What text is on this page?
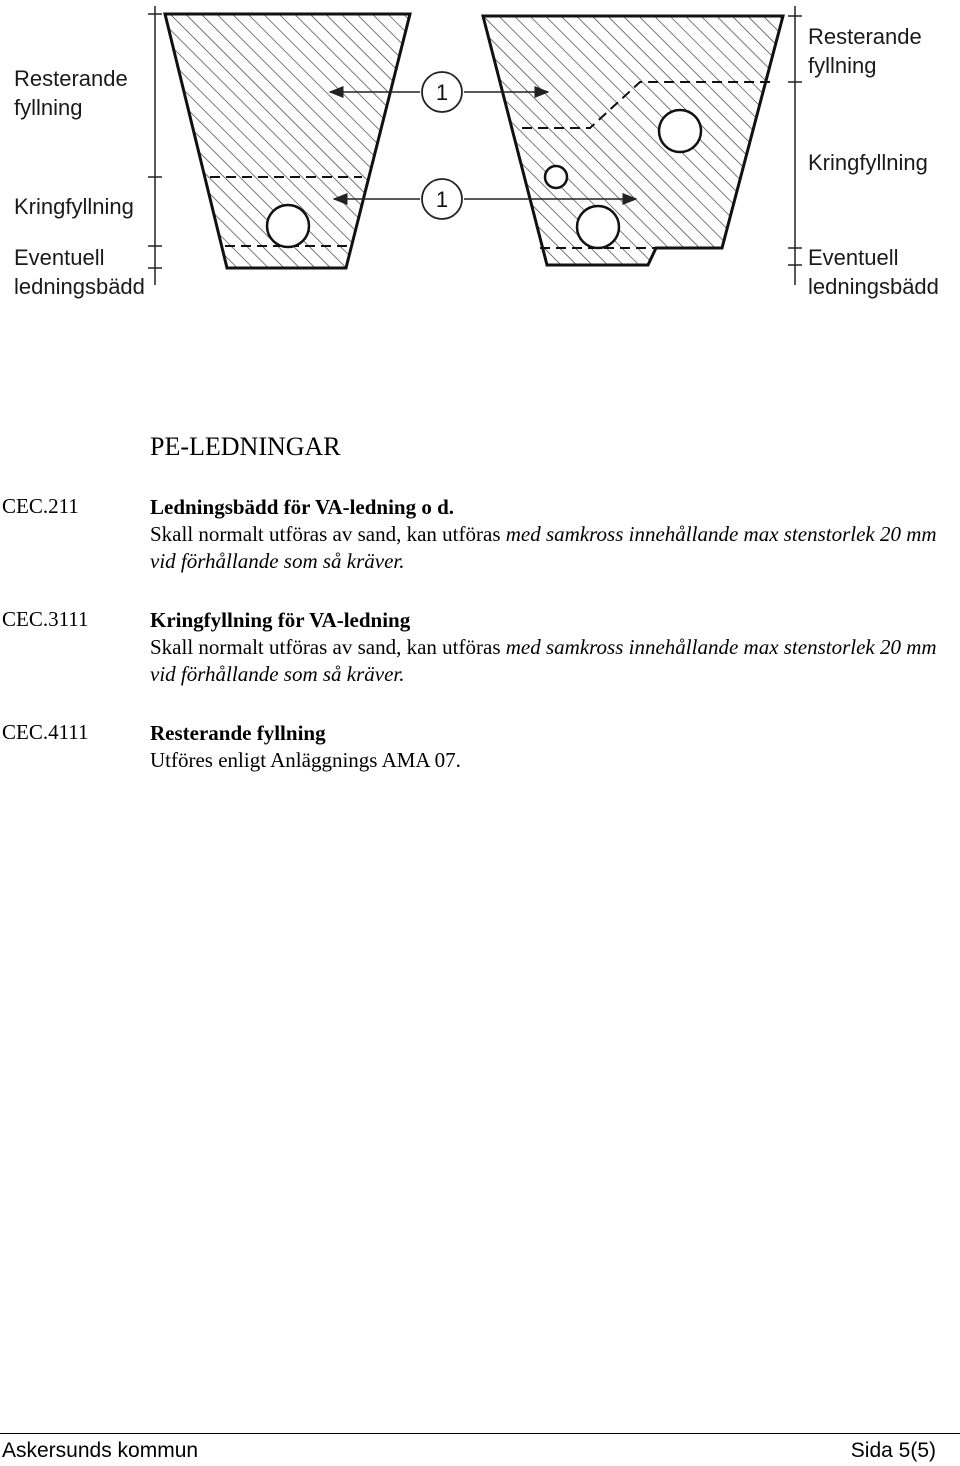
1
1
Resterande
fyllning
Kringfyllning
Eventuell
ledningsbädd
Resterande
fyllning
Kringfyllning
Eventuell
ledningsbädd
PE-LEDNINGAR
CEC.211	Ledningsbädd för VA-ledning o d.
Skall normalt utföras av sand, kan utföras med samkross innehållande max stenstorlek 20 mm vid förhållande som så kräver.
CEC.3111	Kringfyllning för VA-ledning
Skall normalt utföras av sand, kan utföras med samkross innehållande max stenstorlek 20 mm vid förhållande som så kräver.
CEC.4111	Resterande fyllning
Utföres enligt Anläggnings AMA 07.
Askersunds kommun	Sida 5(5)
